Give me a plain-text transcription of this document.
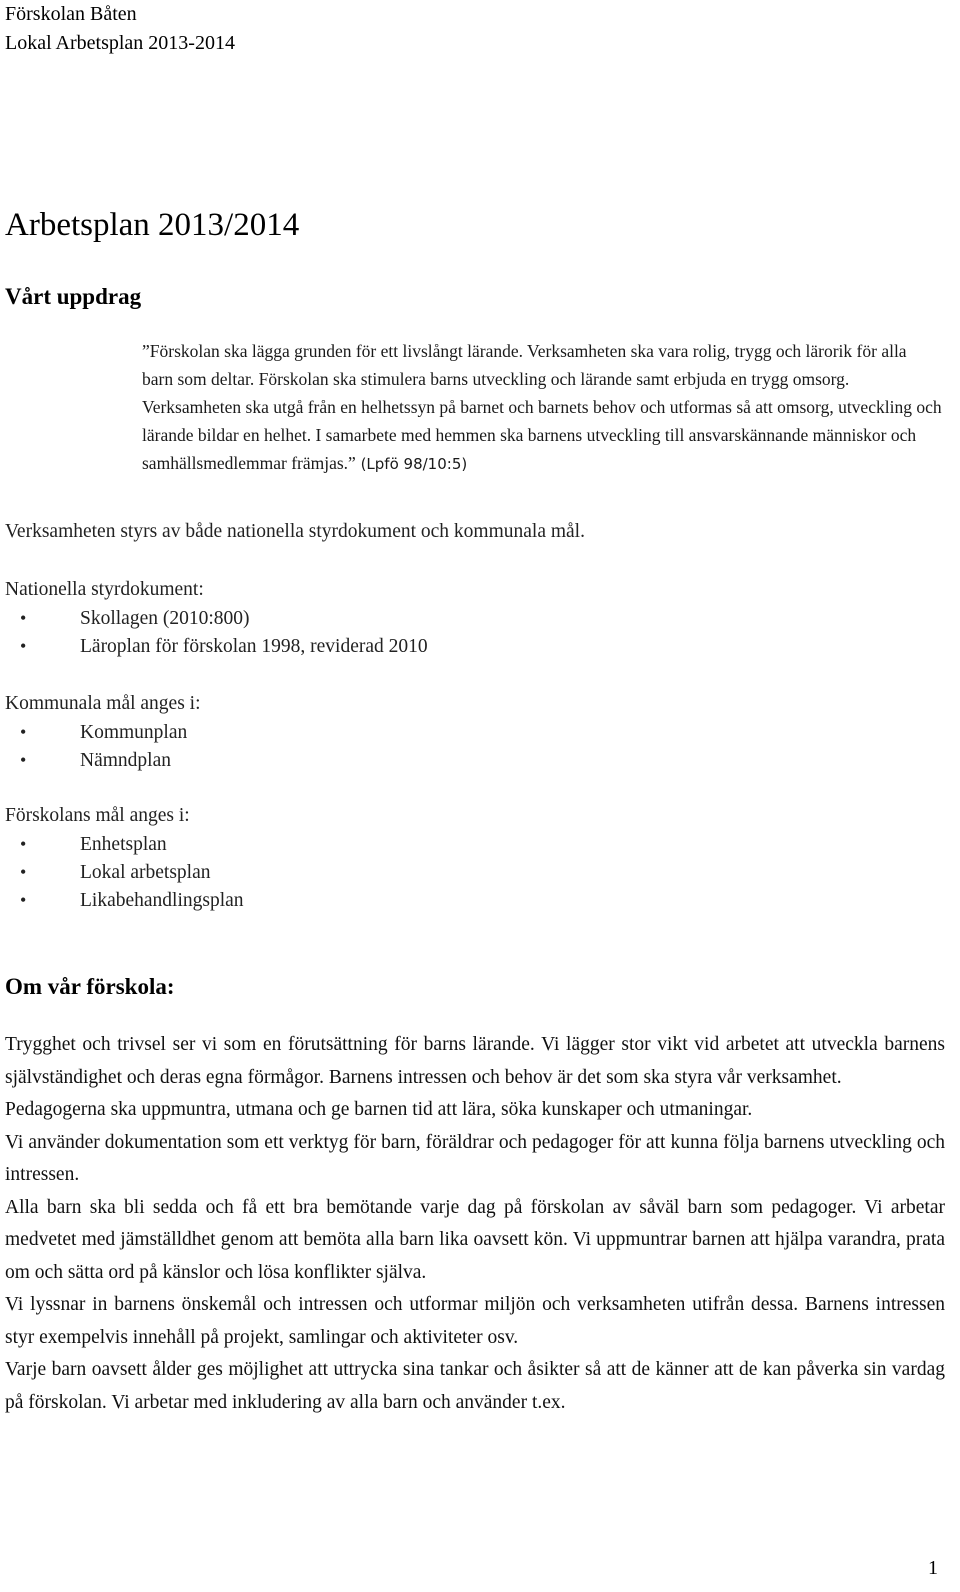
Förskolan Båten
Lokal Arbetsplan 2013-2014
Arbetsplan 2013/2014
Vårt uppdrag

”Förskolan ska lägga grunden för ett livslångt lärande. Verksamheten ska vara rolig, trygg och lärorik för alla barn som deltar. Förskolan ska stimulera barns utveckling och lärande samt erbjuda en trygg omsorg. Verksamheten ska utgå från en helhetssyn på barnet och barnets behov och utformas så att omsorg, utveckling och lärande bildar en helhet. I samarbete med hemmen ska barnens utveckling till ansvarskännande människor och samhällsmedlemmar främjas.” (Lpfö 98/10:5)

Verksamheten styrs av både nationella styrdokument och kommunala mål.
Nationella styrdokument:
•	Skollagen (2010:800)
•	Läroplan för förskolan 1998, reviderad 2010
Kommunala mål anges i:
•	Kommunplan
•	Nämndplan
Förskolans mål anges i:
•	Enhetsplan
•	Lokal arbetsplan
•	Likabehandlingsplan
Om vår förskola:

Trygghet och trivsel ser vi som en förutsättning för barns lärande. Vi lägger stor vikt vid arbetet att utveckla barnens självständighet och deras egna förmågor. Barnens intressen och behov är det som ska styra vår verksamhet.

Pedagogerna ska uppmuntra, utmana och ge barnen tid att lära, söka kunskaper och utmaningar.

Vi använder dokumentation som ett verktyg för barn, föräldrar och pedagoger för att kunna följa barnens utveckling och intressen.

Alla barn ska bli sedda och få ett bra bemötande varje dag på förskolan av såväl barn som pedagoger. Vi arbetar medvetet med jämställdhet genom att bemöta alla barn lika oavsett kön. Vi uppmuntrar barnen att hjälpa varandra, prata om och sätta ord på känslor och lösa konflikter själva.

Vi lyssnar in barnens önskemål och intressen och utformar miljön och verksamheten utifrån dessa. Barnens intressen styr exempelvis innehåll på projekt, samlingar och aktiviteter osv.

Varje barn oavsett ålder ges möjlighet att uttrycka sina tankar och åsikter så att de känner att de kan påverka sin vardag på förskolan. Vi arbetar med inkludering av alla barn och använder t.ex.

1
